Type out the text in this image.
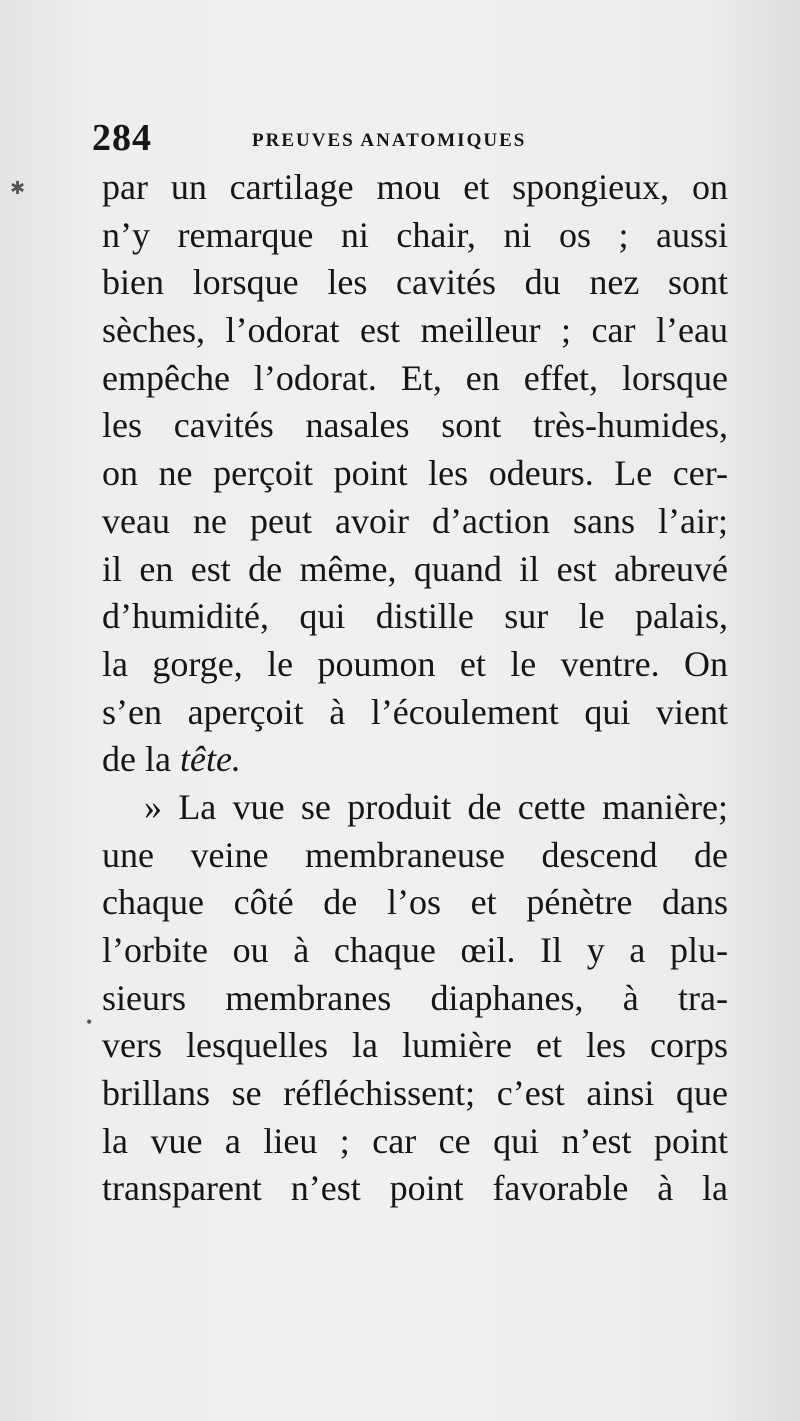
284	PREUVES ANATOMIQUES
par un cartilage mou et spongieux, on
n’y remarque ni chair, ni os ; aussi
bien lorsque les cavités du nez sont
sèches, l’odorat est meilleur ; car l’eau
empêche l’odorat. Et, en effet, lorsque
les cavités nasales sont très-humides,
on ne perçoit point les odeurs. Le cer-
veau ne peut avoir d’action sans l’air;
il en est de même, quand il est abreuvé
d’humidité, qui distille sur le palais,
la gorge, le poumon et le ventre. On
s’en aperçoit à l’écoulement qui vient
de la tête.
» La vue se produit de cette manière;
une veine membraneuse descend de
chaque côté de l’os et pénètre dans
l’orbite ou à chaque œil. Il y a plu-
sieurs membranes diaphanes, à tra-
vers lesquelles la lumière et les corps
brillans se réfléchissent; c’est ainsi que
la vue a lieu ; car ce qui n’est point
transparent n’est point favorable à la
✱
•
